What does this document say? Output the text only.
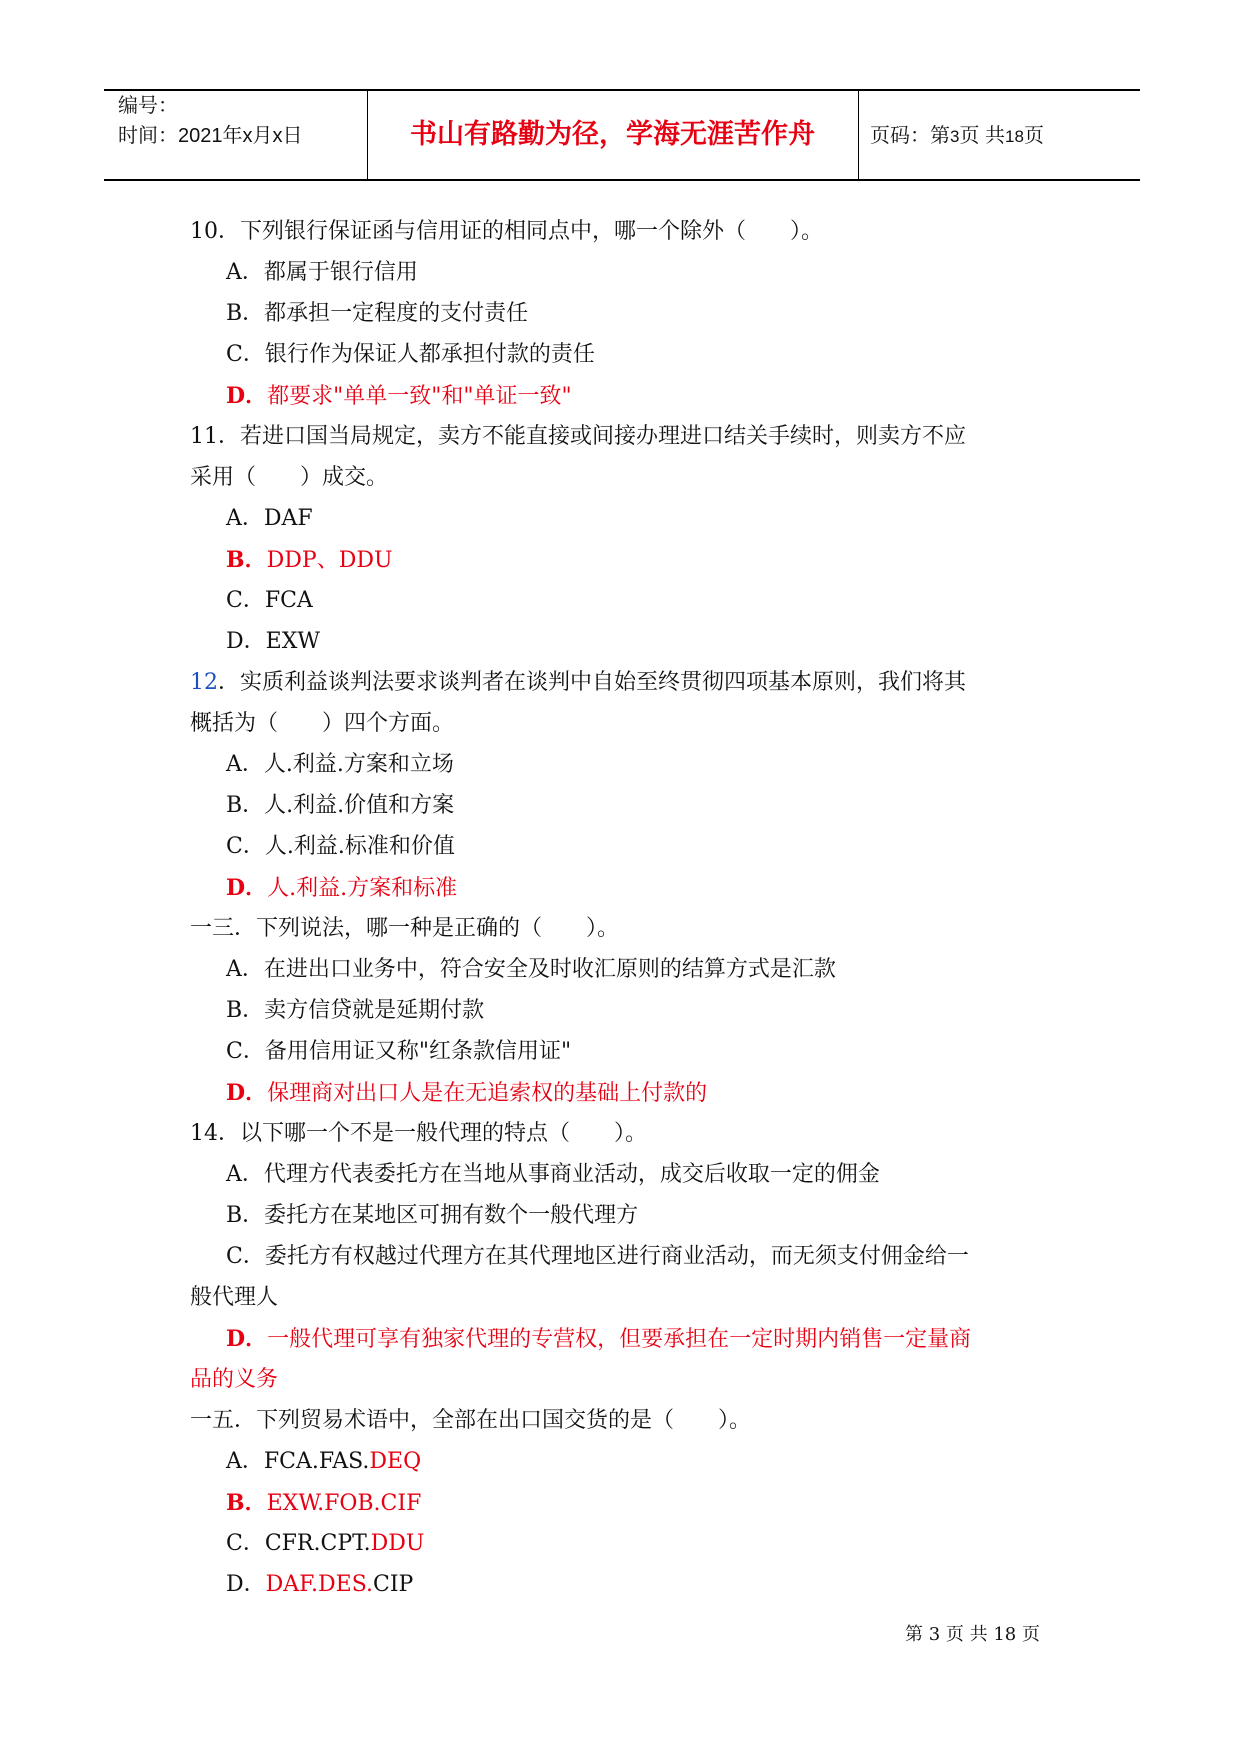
编号：
时间：2021年x月x日	书山有路勤为径，学海无涯苦作舟	页码：第3页 共18页
10．下列银行保证函与信用证的相同点中，哪一个除外（　　）。
A．都属于银行信用
B．都承担一定程度的支付责任
C．银行作为保证人都承担付款的责任
D．都要求"单单一致"和"单证一致"
11．若进口国当局规定，卖方不能直接或间接办理进口结关手续时，则卖方不应
采用（　　）成交。
A．DAF
B．DDP、DDU
C．FCA
D．EXW
12．实质利益谈判法要求谈判者在谈判中自始至终贯彻四项基本原则，我们将其
概括为（　　）四个方面。
A．人.利益.方案和立场
B．人.利益.价值和方案
C．人.利益.标准和价值
D．人.利益.方案和标准
一三．下列说法，哪一种是正确的（　　）。
A．在进出口业务中，符合安全及时收汇原则的结算方式是汇款
B．卖方信贷就是延期付款
C．备用信用证又称"红条款信用证"
D．保理商对出口人是在无追索权的基础上付款的
14．以下哪一个不是一般代理的特点（　　）。
A．代理方代表委托方在当地从事商业活动，成交后收取一定的佣金
B．委托方在某地区可拥有数个一般代理方
C．委托方有权越过代理方在其代理地区进行商业活动，而无须支付佣金给一
般代理人
D．一般代理可享有独家代理的专营权，但要承担在一定时期内销售一定量商
品的义务
一五．下列贸易术语中，全部在出口国交货的是（　　）。
A．FCA.FAS.DEQ
B．EXW.FOB.CIF
C．CFR.CPT.DDU
D．DAF.DES.CIP
第 3 页 共 18 页
